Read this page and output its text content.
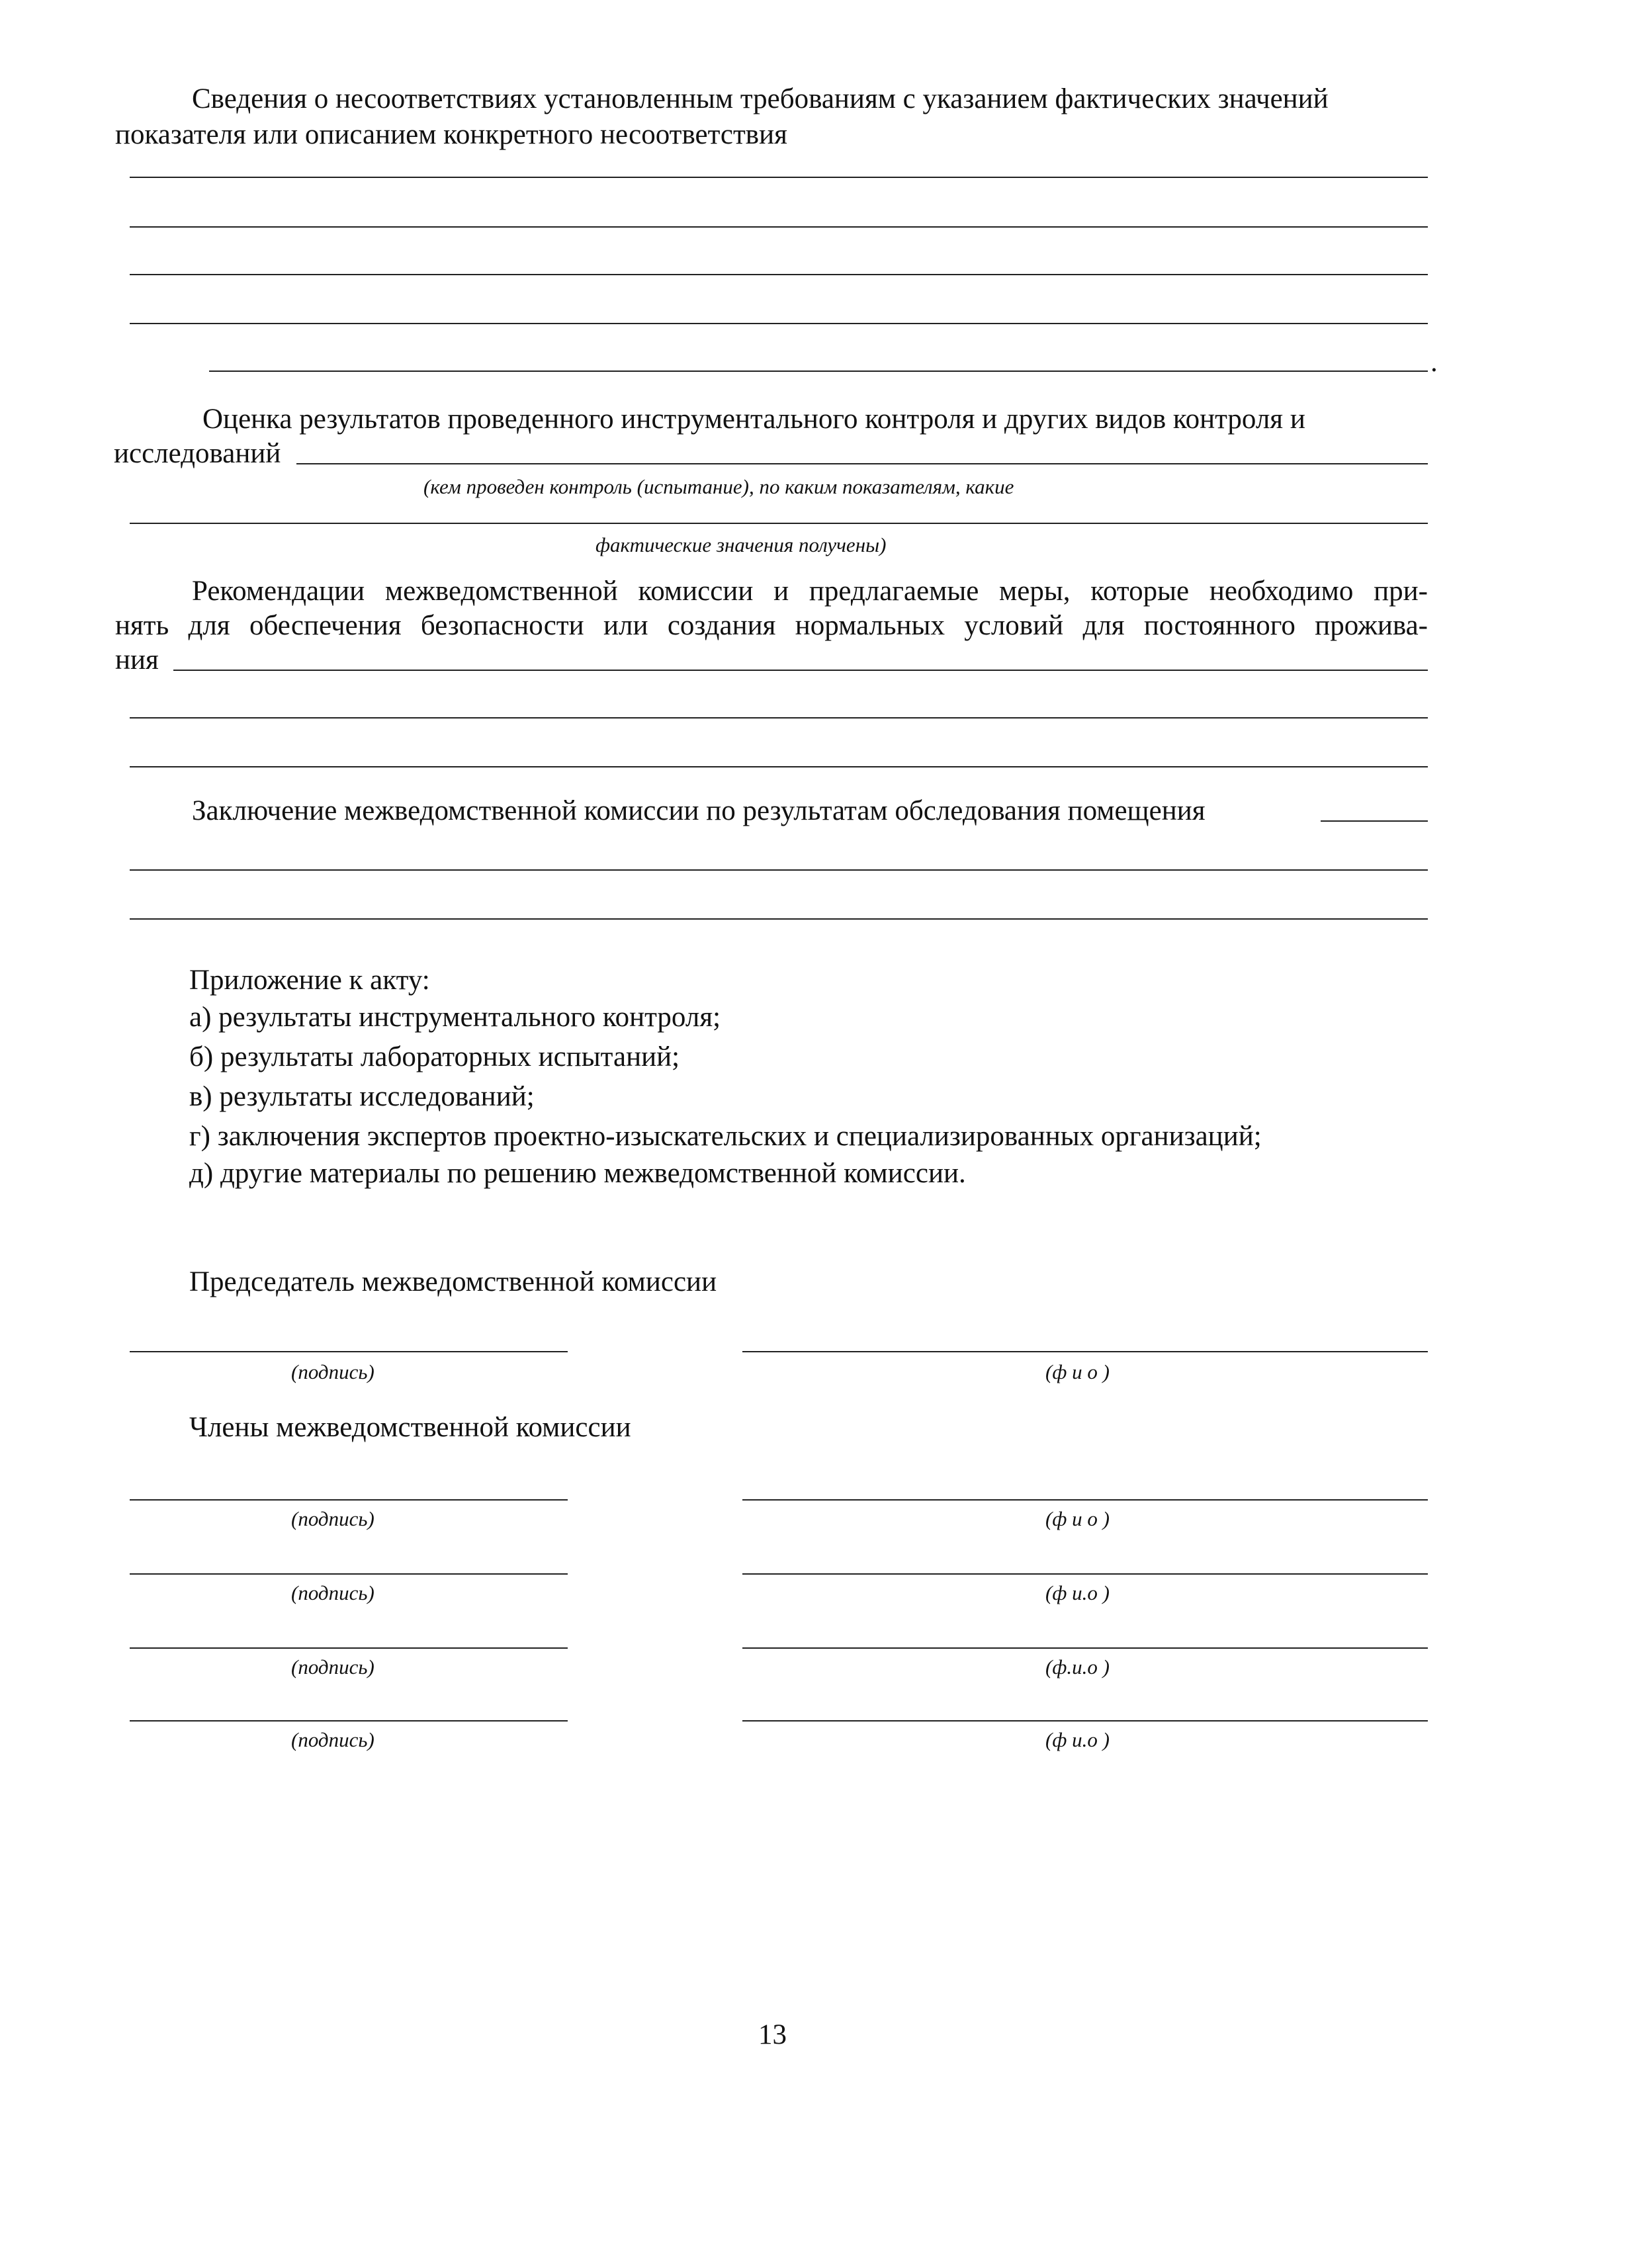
Сведения о несоответствиях установленным требованиям с указанием фактических значений
показателя или описанием конкретного несоответствия
.
Оценка результатов проведенного инструментального контроля и других видов контроля и
исследований
(кем проведен контроль (испытание), по каким показателям, какие
фактические значения получены)
Рекомендации межведомственной комиссии и предлагаемые меры, которые необходимо при-
нять для обеспечения безопасности или создания нормальных условий для постоянного прожива-
ния
Заключение межведомственной комиссии по результатам обследования помещения
Приложение к акту:
а) результаты инструментального контроля;
б) результаты лабораторных испытаний;
в) результаты исследований;
г) заключения экспертов проектно-изыскательских и специализированных организаций;
д) другие материалы по решению межведомственной комиссии.
Председатель межведомственной комиссии
(подпись)	(ф и о )
Члены межведомственной комиссии
(подпись)	(ф и о )
(подпись)	(ф и.о )
(подпись)	(ф.и.о )
(подпись)	(ф и.о )
13
